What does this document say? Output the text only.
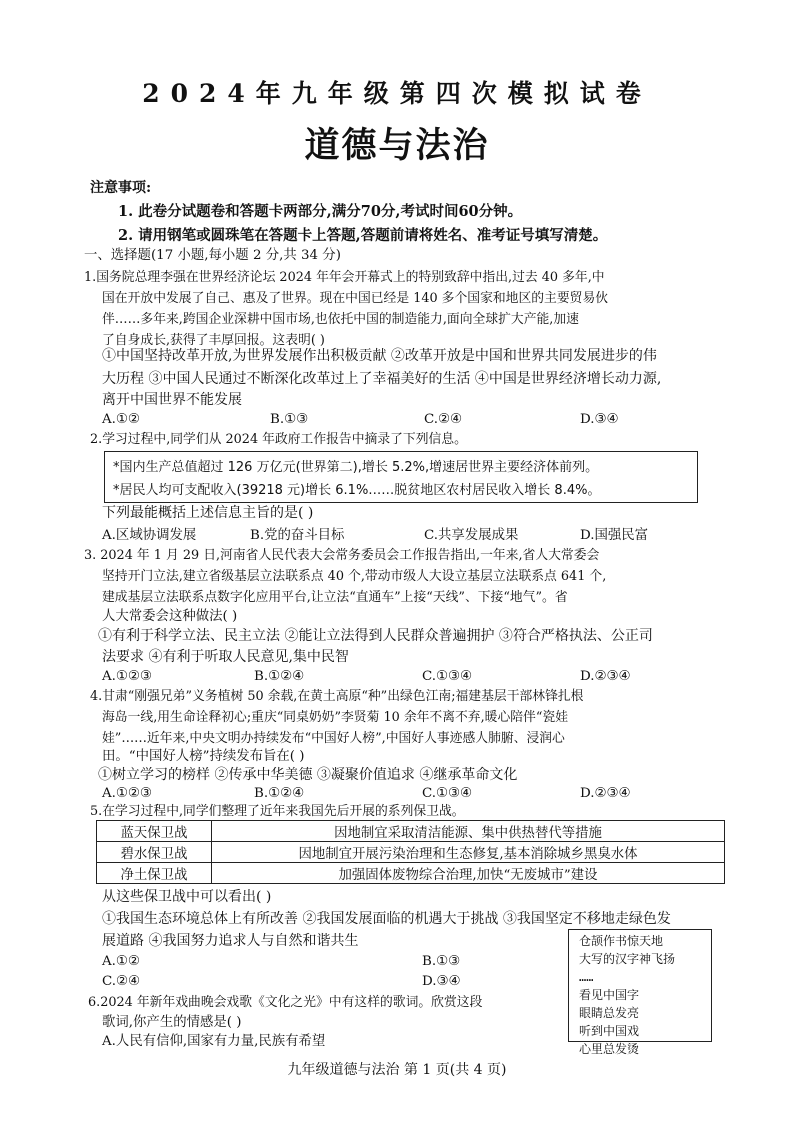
2024年九年级第四次模拟试卷
道德与法治
注意事项:
1. 此卷分试题卷和答题卡两部分,满分70分,考试时间60分钟。
2. 请用钢笔或圆珠笔在答题卡上答题,答题前请将姓名、准考证号填写清楚。
一、选择题(17 小题,每小题 2 分,共 34 分)
1.国务院总理李强在世界经济论坛 2024 年年会开幕式上的特别致辞中指出,过去 40 多年,中
国在开放中发展了自己、惠及了世界。现在中国已经是 140 多个国家和地区的主要贸易伙
伴……多年来,跨国企业深耕中国市场,也依托中国的制造能力,面向全球扩大产能,加速
了自身成长,获得了丰厚回报。这表明( )
①中国坚持改革开放,为世界发展作出积极贡献 ②改革开放是中国和世界共同发展进步的伟
大历程 ③中国人民通过不断深化改革过上了幸福美好的生活 ④中国是世界经济增长动力源,
离开中国世界不能发展
A.①②	B.①③	C.②④	D.③④
2.学习过程中,同学们从 2024 年政府工作报告中摘录了下列信息。
*国内生产总值超过 126 万亿元(世界第二),增长 5.2%,增速居世界主要经济体前列。
*居民人均可支配收入(39218 元)增长 6.1%……脱贫地区农村居民收入增长 8.4%。
下列最能概括上述信息主旨的是( )
A.区域协调发展	B.党的奋斗目标	C.共享发展成果	D.国强民富
3. 2024 年 1 月 29 日,河南省人民代表大会常务委员会工作报告指出,一年来,省人大常委会
坚持开门立法,建立省级基层立法联系点 40 个,带动市级人大设立基层立法联系点 641 个,
建成基层立法联系点数字化应用平台,让立法“直通车”上接“天线”、下接“地气”。省
人大常委会这种做法( )
①有利于科学立法、民主立法 ②能让立法得到人民群众普遍拥护 ③符合严格执法、公正司
法要求 ④有利于听取人民意见,集中民智
A.①②③	B.①②④	C.①③④	D.②③④
4.甘肃“刚强兄弟”义务植树 50 余载,在黄土高原“种”出绿色江南;福建基层干部林锋扎根
海岛一线,用生命诠释初心;重庆“同桌奶奶”李贤菊 10 余年不离不弃,暖心陪伴“瓷娃
娃”……近年来,中央文明办持续发布“中国好人榜”,中国好人事迹感人肺腑、浸润心
田。“中国好人榜”持续发布旨在( )
①树立学习的榜样 ②传承中华美德 ③凝聚价值追求 ④继承革命文化
A.①②③	B.①②④	C.①③④	D.②③④
5.在学习过程中,同学们整理了近年来我国先后开展的系列保卫战。
蓝天保卫战	因地制宜采取清洁能源、集中供热替代等措施
碧水保卫战	因地制宜开展污染治理和生态修复,基本消除城乡黑臭水体
净土保卫战	加强固体废物综合治理,加快“无废城市”建设
从这些保卫战中可以看出( )
①我国生态环境总体上有所改善 ②我国发展面临的机遇大于挑战 ③我国坚定不移地走绿色发
展道路 ④我国努力追求人与自然和谐共生
A.①②	B.①③
C.②④	D.③④
6.2024 年新年戏曲晚会戏歌《文化之光》中有这样的歌词。欣赏这段
歌词,你产生的情感是( )
A.人民有信仰,国家有力量,民族有希望
仓颉作书惊天地
大写的汉字神飞扬
……
看见中国字
眼睛总发亮
听到中国戏
心里总发烫
九年级道德与法治 第 1 页(共 4 页)
